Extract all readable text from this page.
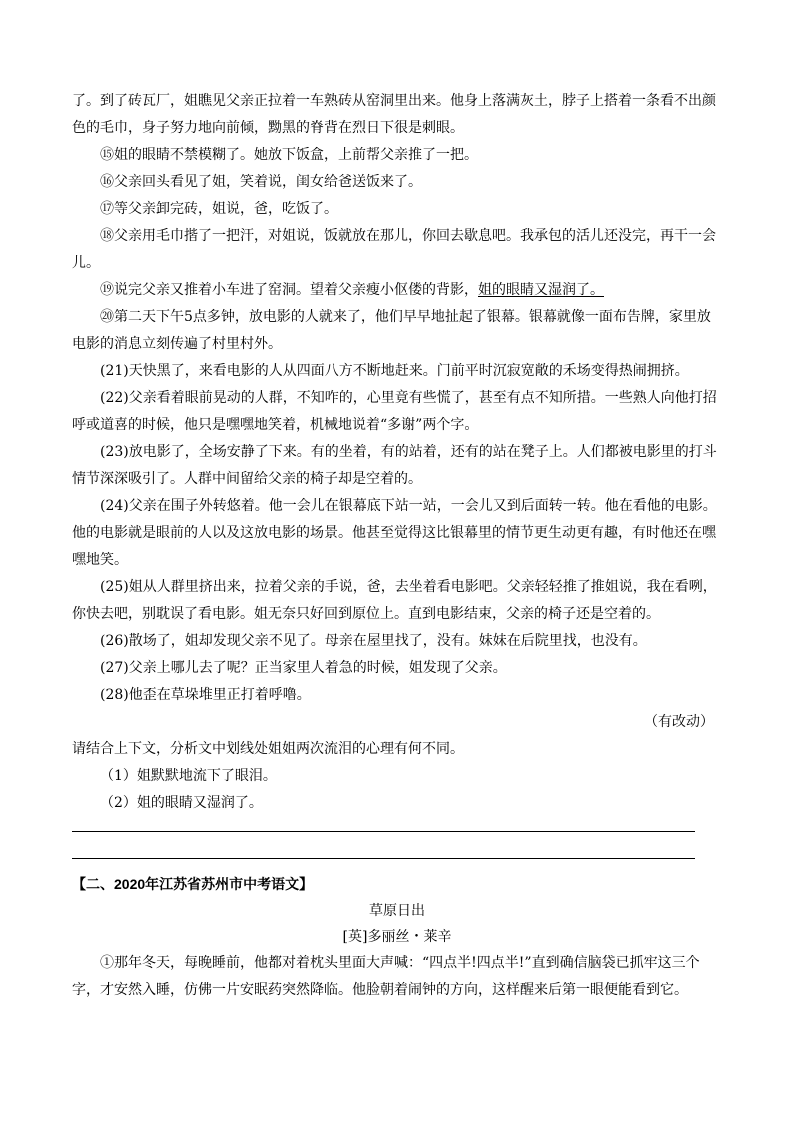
了。到了砖瓦厂，姐瞧见父亲正拉着一车熟砖从窑洞里出来。他身上落满灰土，脖子上搭着一条看不出颜色的毛巾，身子努力地向前倾，黝黑的脊背在烈日下很是刺眼。

⑮姐的眼睛不禁模糊了。她放下饭盒，上前帮父亲推了一把。

⑯父亲回头看见了姐，笑着说，闺女给爸送饭来了。

⑰等父亲卸完砖，姐说，爸，吃饭了。

⑱父亲用毛巾揩了一把汗，对姐说，饭就放在那儿，你回去歇息吧。我承包的活儿还没完，再干一会儿。

⑲说完父亲又推着小车进了窑洞。望着父亲瘦小伛偻的背影，姐的眼睛又湿润了。

⑳第二天下午5点多钟，放电影的人就来了，他们早早地扯起了银幕。银幕就像一面布告牌，家里放电影的消息立刻传遍了村里村外。

(21)天快黑了，来看电影的人从四面八方不断地赶来。门前平时沉寂宽敞的禾场变得热闹拥挤。

(22)父亲看着眼前晃动的人群，不知咋的，心里竟有些慌了，甚至有点不知所措。一些熟人向他打招呼或道喜的时候，他只是嘿嘿地笑着，机械地说着“多谢”两个字。

(23)放电影了，全场安静了下来。有的坐着，有的站着，还有的站在凳子上。人们都被电影里的打斗情节深深吸引了。人群中间留给父亲的椅子却是空着的。

(24)父亲在围子外转悠着。他一会儿在银幕底下站一站，一会儿又到后面转一转。他在看他的电影。他的电影就是眼前的人以及这放电影的场景。他甚至觉得这比银幕里的情节更生动更有趣，有时他还在嘿嘿地笑。

(25)姐从人群里挤出来，拉着父亲的手说，爸，去坐着看电影吧。父亲轻轻推了推姐说，我在看咧，你快去吧，别耽误了看电影。姐无奈只好回到原位上。直到电影结束，父亲的椅子还是空着的。

(26)散场了，姐却发现父亲不见了。母亲在屋里找了，没有。妹妹在后院里找，也没有。

(27)父亲上哪儿去了呢？正当家里人着急的时候，姐发现了父亲。

(28)他歪在草垛堆里正打着呼噜。

（有改动）

请结合上下文，分析文中划线处姐姐两次流泪的心理有何不同。

（1）姐默默地流下了眼泪。

（2）姐的眼睛又湿润了。

【二、2020年江苏省苏州市中考语文】

草原日出

[英]多丽丝・莱辛

①那年冬天，每晚睡前，他都对着枕头里面大声喊：“四点半!四点半!”直到确信脑袋已抓牢这三个字，才安然入睡，仿佛一片安眠药突然降临。他脸朝着闹钟的方向，这样醒来后第一眼便能看到它。
